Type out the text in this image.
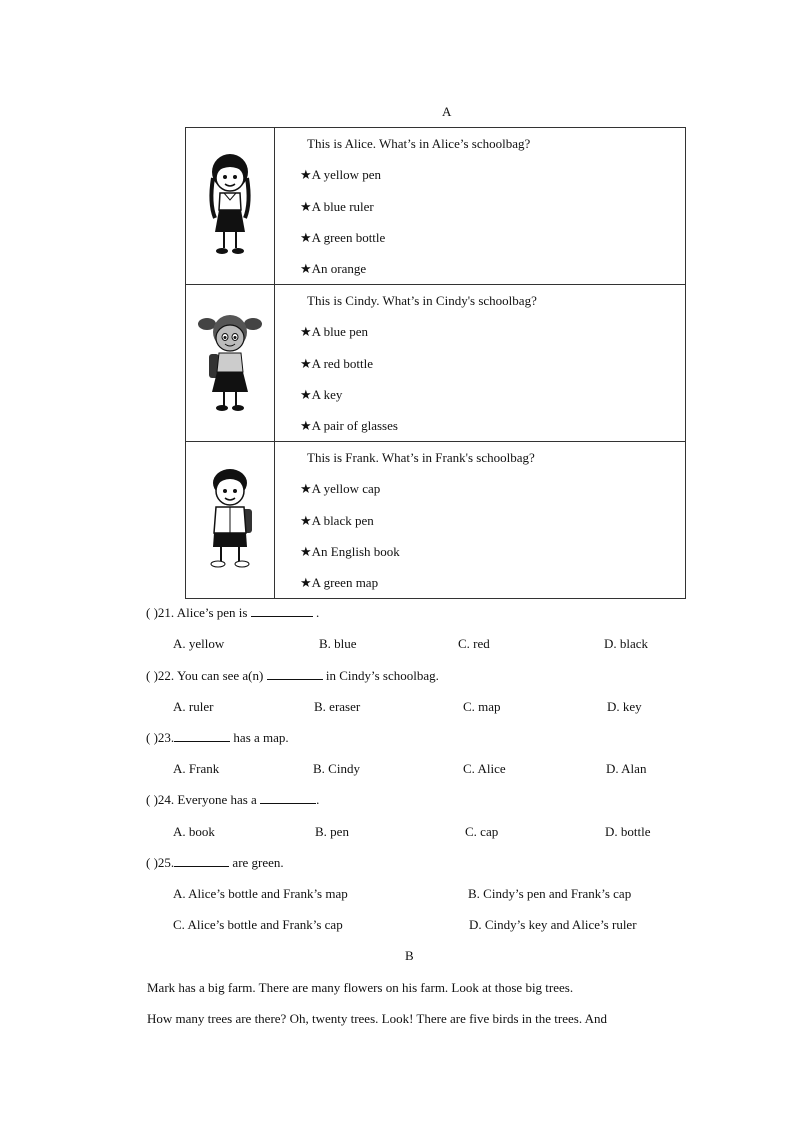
A

This is Alice. What’s in Alice’s schoolbag?
★A yellow pen
★A blue ruler
★A green bottle
★An orange

This is Cindy. What’s in Cindy's schoolbag?
★A blue pen
★A red bottle
★A key
★A pair of glasses

This is Frank. What’s in Frank's schoolbag?
★A yellow cap
★A black pen
★An English book
★A green map
( )21. Alice’s pen is	.
A. yellow	B. blue	C. red	D. black
( )22. You can see a(n)	in Cindy’s schoolbag.
A. ruler	B. eraser	C. map	D. key
( )23.	has a map.
A. Frank	B. Cindy	C. Alice	D. Alan
( )24. Everyone has a	.
A. book	B. pen	C. cap	D. bottle
( )25.	are green.
A. Alice’s bottle and Frank’s map	B. Cindy’s pen and Frank’s cap
C. Alice’s bottle and Frank’s cap	D. Cindy’s key and Alice’s ruler
B
Mark has a big farm. There are many flowers on his farm. Look at those big trees.
How many trees are there? Oh, twenty trees. Look! There are five birds in the trees. And
